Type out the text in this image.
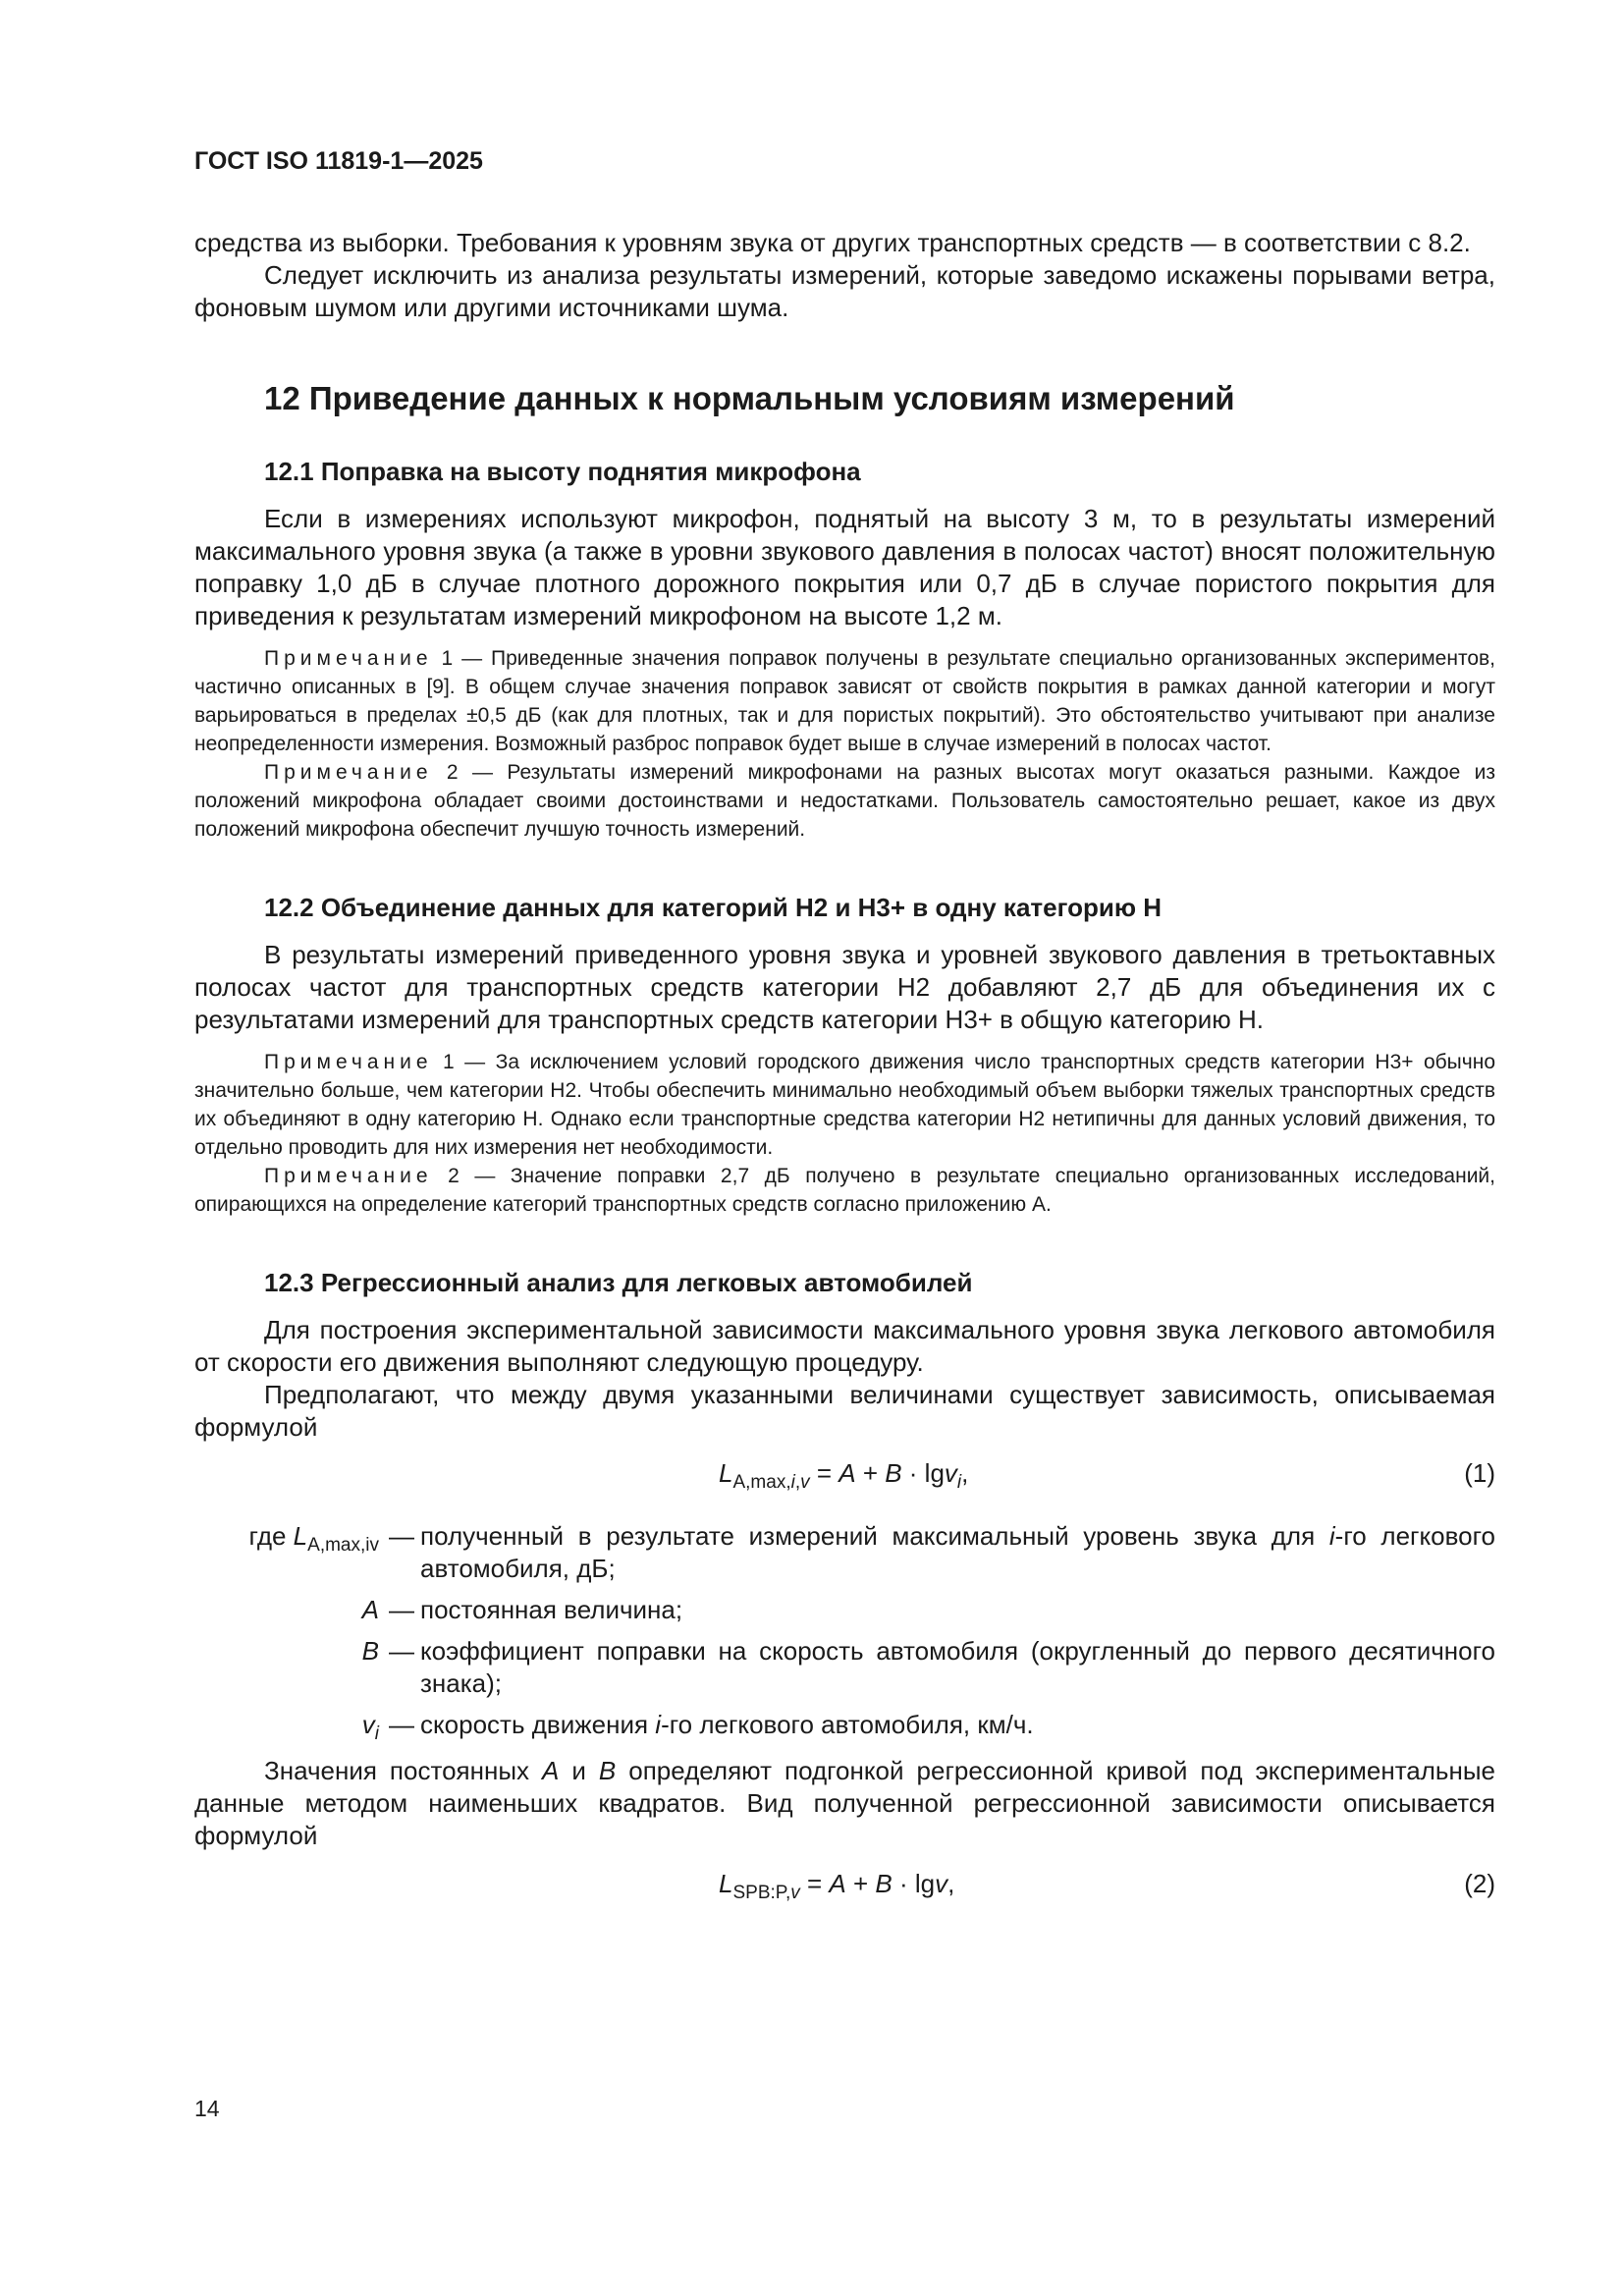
ГОСТ ISO 11819-1—2025

средства из выборки. Требования к уровням звука от других транспортных средств — в соответствии с 8.2.

Следует исключить из анализа результаты измерений, которые заведомо искажены порывами ветра, фоновым шумом или другими источниками шума.

12 Приведение данных к нормальным условиям измерений
12.1 Поправка на высоту поднятия микрофона

Если в измерениях используют микрофон, поднятый на высоту 3 м, то в результаты измерений максимального уровня звука (а также в уровни звукового давления в полосах частот) вносят положительную поправку 1,0 дБ в случае плотного дорожного покрытия или 0,7 дБ в случае пористого покрытия для приведения к результатам измерений микрофоном на высоте 1,2 м.

Примечание 1 — Приведенные значения поправок получены в результате специально организованных экспериментов, частично описанных в [9]. В общем случае значения поправок зависят от свойств покрытия в рамках данной категории и могут варьироваться в пределах ±0,5 дБ (как для плотных, так и для пористых покрытий). Это обстоятельство учитывают при анализе неопределенности измерения. Возможный разброс поправок будет выше в случае измерений в полосах частот.

Примечание 2 — Результаты измерений микрофонами на разных высотах могут оказаться разными. Каждое из положений микрофона обладает своими достоинствами и недостатками. Пользователь самостоятельно решает, какое из двух положений микрофона обеспечит лучшую точность измерений.

12.2 Объединение данных для категорий H2 и H3+ в одну категорию H

В результаты измерений приведенного уровня звука и уровней звукового давления в третьоктавных полосах частот для транспортных средств категории H2 добавляют 2,7 дБ для объединения их с результатами измерений для транспортных средств категории H3+ в общую категорию H.

Примечание 1 — За исключением условий городского движения число транспортных средств категории H3+ обычно значительно больше, чем категории H2. Чтобы обеспечить минимально необходимый объем выборки тяжелых транспортных средств их объединяют в одну категорию H. Однако если транспортные средства категории H2 нетипичны для данных условий движения, то отдельно проводить для них измерения нет необходимости.

Примечание 2 — Значение поправки 2,7 дБ получено в результате специально организованных исследований, опирающихся на определение категорий транспортных средств согласно приложению А.

12.3 Регрессионный анализ для легковых автомобилей

Для построения экспериментальной зависимости максимального уровня звука легкового автомобиля от скорости его движения выполняют следующую процедуру.

Предполагают, что между двумя указанными величинами существует зависимость, описываемая формулой

$L_{A,max,i,v} = A + B \cdot \lg v_i$,	(1)
где $L_{A,max,iv}$ — полученный в результате измерений максимальный уровень звука для i-го легкового автомобиля, дБ;
A — постоянная величина;
B — коэффициент поправки на скорость автомобиля (округленный до первого десятичного знака);
$v_i$ — скорость движения i-го легкового автомобиля, км/ч.

Значения постоянных A и B определяют подгонкой регрессионной кривой под экспериментальные данные методом наименьших квадратов. Вид полученной регрессионной зависимости описывается формулой

$L_{SPB:P,v} = A + B \cdot \lg v$,	(2)
14
